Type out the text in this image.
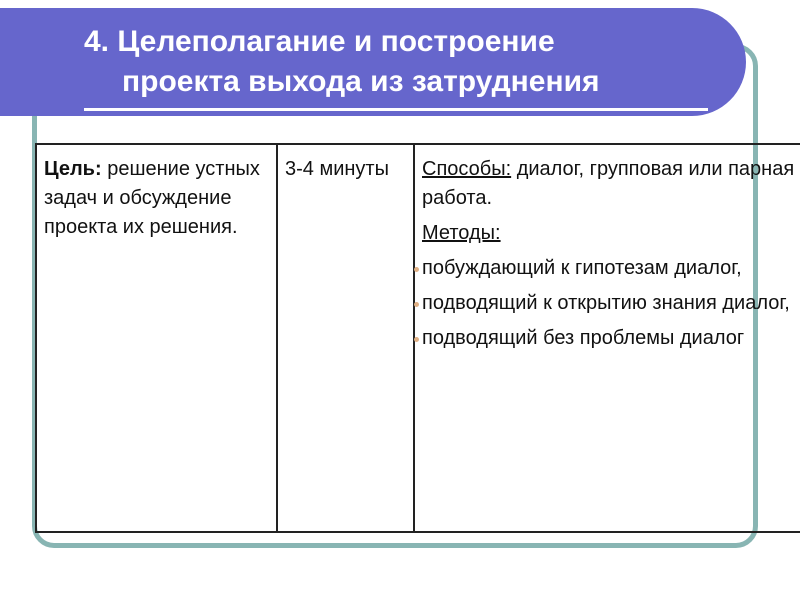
4. Целеполагание и построение
проекта выхода из затруднения
Цель: решение устных задач и обсуждение проекта их решения.	3-4 минуты	Способы: диалог, групповая или парная работа.

Методы:

побуждающий к гипотезам диалог,

подводящий к открытию знания диалог,

подводящий без проблемы диалог
